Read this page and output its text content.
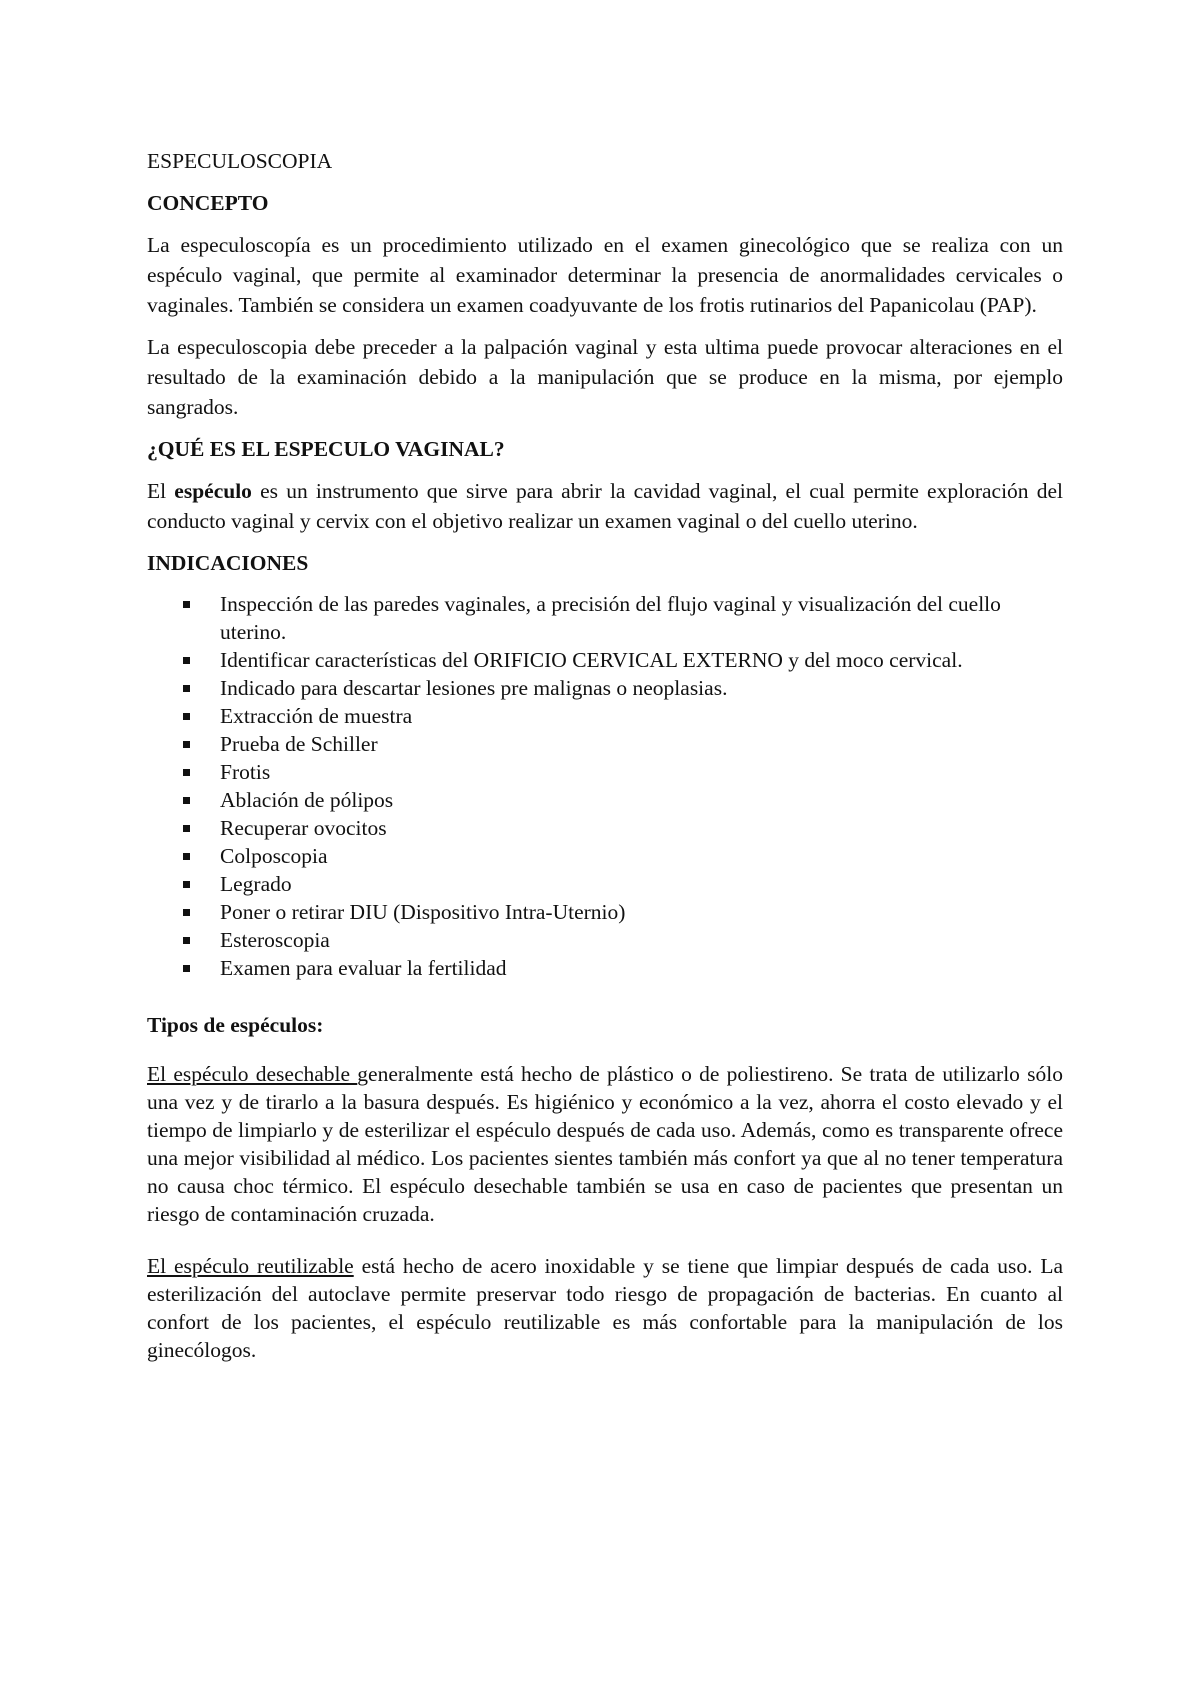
ESPECULOSCOPIA
CONCEPTO

La especuloscopía es un procedimiento utilizado en el examen ginecológico que se realiza con un espéculo vaginal, que permite al examinador determinar la presencia de anormalidades cervicales o vaginales. También se considera un examen coadyuvante de los frotis rutinarios del Papanicolau (PAP).

La especuloscopia debe preceder a la palpación vaginal y esta ultima puede provocar alteraciones en el resultado de la examinación debido a la manipulación que se produce en la misma, por ejemplo sangrados.

¿QUÉ ES EL ESPECULO VAGINAL?

El espéculo es un instrumento que sirve para abrir la cavidad vaginal, el cual permite exploración del conducto vaginal y cervix con el objetivo realizar un examen vaginal o del cuello uterino.

INDICACIONES
Inspección de las paredes vaginales, a precisión del flujo vaginal y visualización del cuello uterino.
Identificar características del ORIFICIO CERVICAL EXTERNO y del moco cervical.
Indicado para descartar lesiones pre malignas o neoplasias.
Extracción de muestra
Prueba de Schiller
Frotis
Ablación de pólipos
Recuperar ovocitos
Colposcopia
Legrado
Poner o retirar DIU (Dispositivo Intra-Uternio)
Esteroscopia
Examen para evaluar la fertilidad
Tipos de espéculos:

El espéculo desechable generalmente está hecho de plástico o de poliestireno. Se trata de utilizarlo sólo una vez y de tirarlo a la basura después. Es higiénico y económico a la vez, ahorra el costo elevado y el tiempo de limpiarlo y de esterilizar el espéculo después de cada uso. Además, como es transparente ofrece una mejor visibilidad al médico. Los pacientes sientes también más confort ya que al no tener temperatura no causa choc térmico. El espéculo desechable también se usa en caso de pacientes que presentan un riesgo de contaminación cruzada.

El espéculo reutilizable está hecho de acero inoxidable y se tiene que limpiar después de cada uso. La esterilización del autoclave permite preservar todo riesgo de propagación de bacterias. En cuanto al confort de los pacientes, el espéculo reutilizable es más confortable para la manipulación de los ginecólogos.
